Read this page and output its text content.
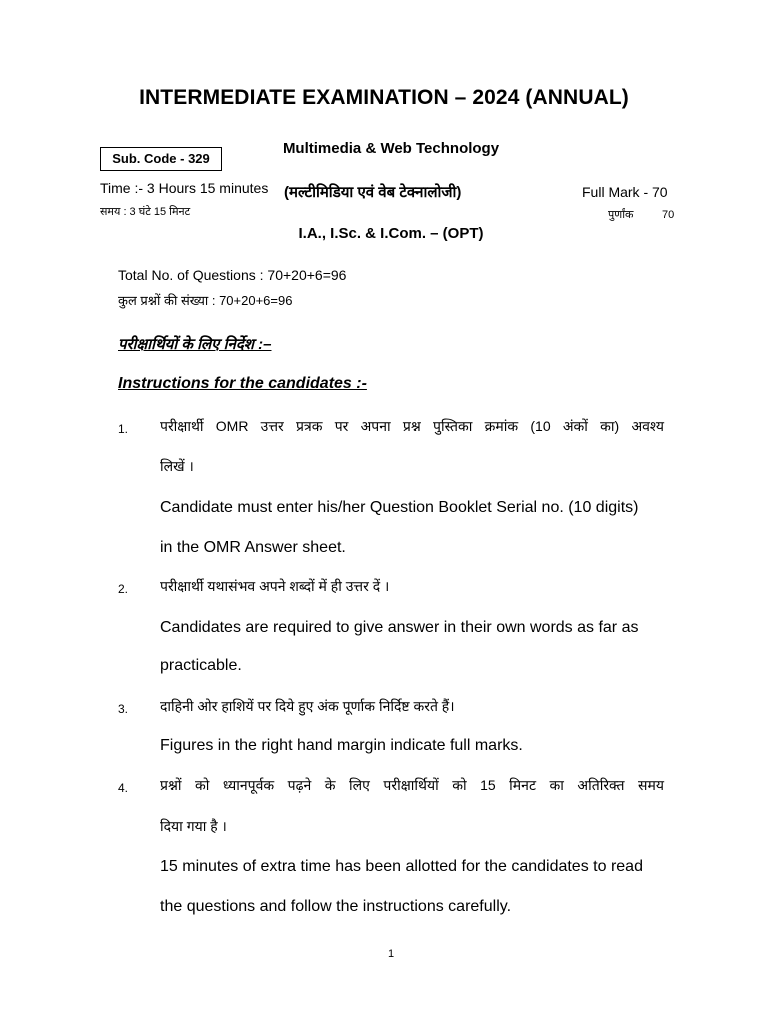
INTERMEDIATE EXAMINATION – 2024 (ANNUAL)
Sub. Code - 329
Multimedia & Web Technology
Time :- 3 Hours 15 minutes
समय : 3 घंटे 15 मिनट
(मल्टीमिडिया एवं वेब टेक्नालोजी)	Full Mark - 70
पुर्णांक	70
I.A., I.Sc. & I.Com. – (OPT)
Total No. of Questions : 70+20+6=96
कुल प्रश्नों की संख्या : 70+20+6=96
परीक्षार्थियों के लिए निर्देश :–
Instructions for the candidates :-
1. परीक्षार्थी OMR उत्तर प्रत्रक पर अपना प्रश्न पुस्तिका क्रमांक (10 अंकों का) अवश्य
लिखें ।
Candidate must enter his/her Question Booklet Serial no. (10 digits)
in the OMR Answer sheet.
2. परीक्षार्थी यथासंभव अपने शब्दों में ही उत्तर दें ।
Candidates are required to give answer in their own words as far as
practicable.
3. दाहिनी ओर हाशियें पर दिये हुए अंक पूर्णाक निर्दिष्ट करते हैं।
Figures in the right hand margin indicate full marks.
4. प्रश्नों को ध्यानपूर्वक पढ़ने के लिए परीक्षार्थियों को 15 मिनट का अतिरिक्त समय
दिया गया है ।
15 minutes of extra time has been allotted for the candidates to read
the questions and follow the instructions carefully.
1
